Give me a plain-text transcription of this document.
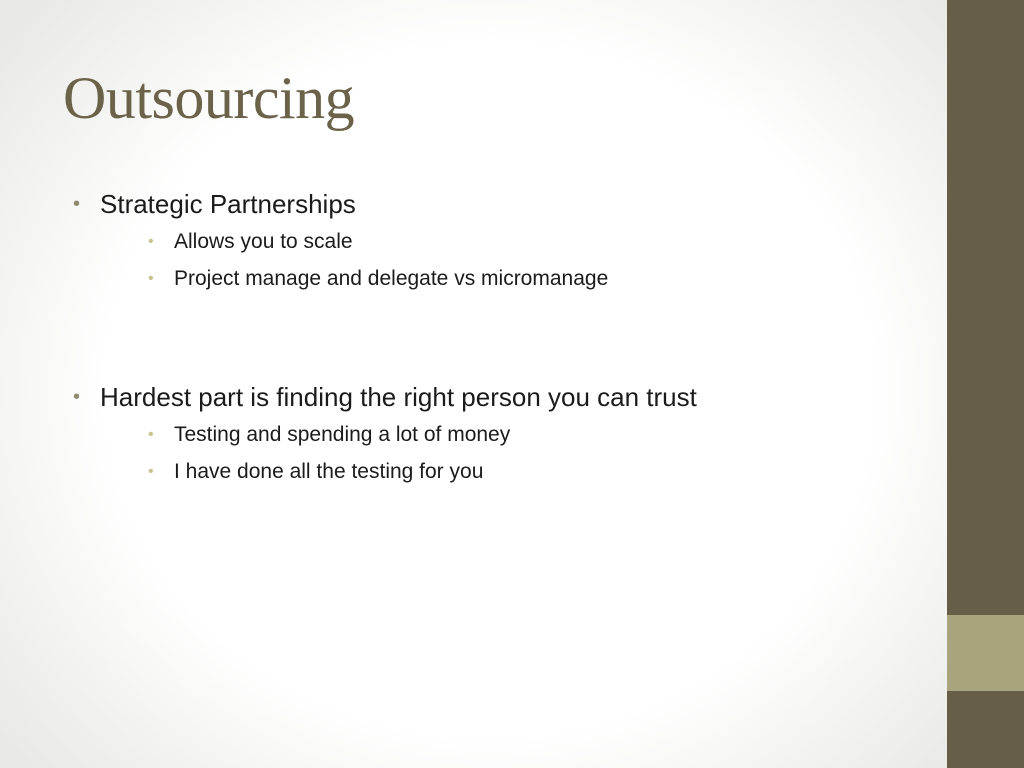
Outsourcing
• Strategic Partnerships
• Allows you to scale
• Project manage and delegate vs micromanage
• Hardest part is finding the right person you can trust
• Testing and spending a lot of money
• I have done all the testing for you
